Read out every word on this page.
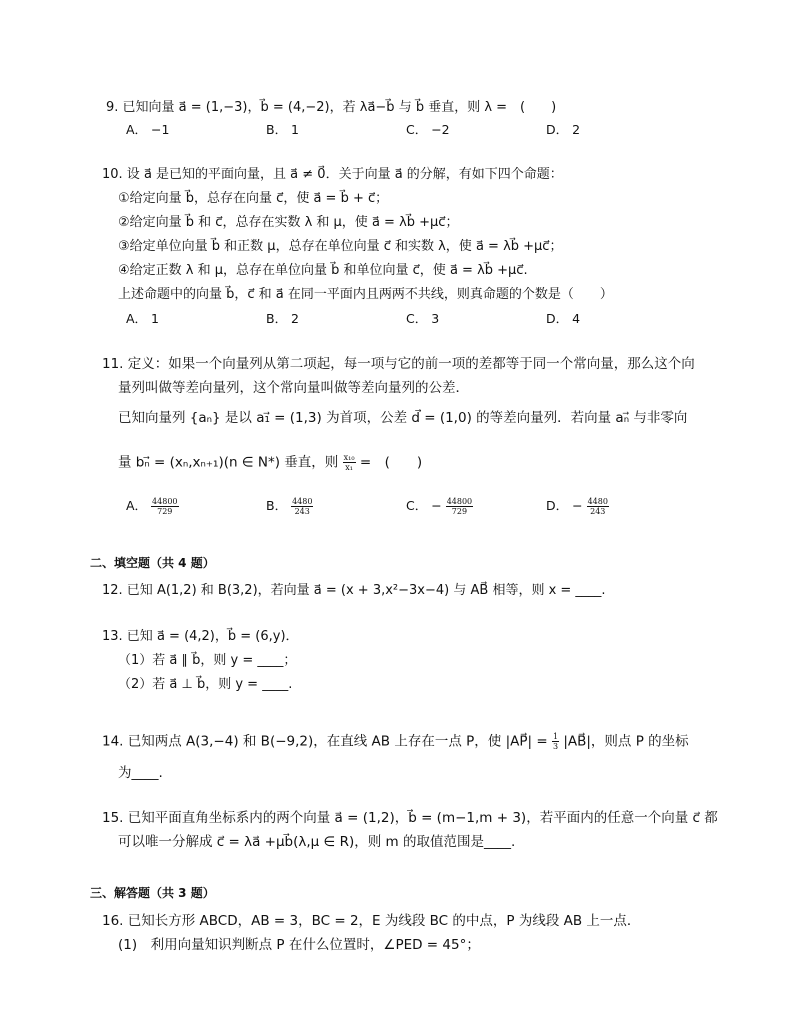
9. 已知向量 a⃗ = (1,−3)，b⃗ = (4,−2)，若 λa⃗−b⃗ 与 b⃗ 垂直，则 λ =　(　　)
A． −1	B． 1	C． −2	D． 2
10. 设 a⃗ 是已知的平面向量，且 a⃗ ≠ 0⃗．关于向量 a⃗ 的分解，有如下四个命题：
①给定向量 b⃗，总存在向量 c⃗，使 a⃗ = b⃗ + c⃗；
②给定向量 b⃗ 和 c⃗，总存在实数 λ 和 μ，使 a⃗ = λb⃗ +μc⃗；
③给定单位向量 b⃗ 和正数 μ，总存在单位向量 c⃗ 和实数 λ，使 a⃗ = λb⃗ +μc⃗；
④给定正数 λ 和 μ，总存在单位向量 b⃗ 和单位向量 c⃗，使 a⃗ = λb⃗ +μc⃗.
上述命题中的向量 b⃗，c⃗ 和 a⃗ 在同一平面内且两两不共线，则真命题的个数是（　　）
A． 1	B． 2	C． 3	D． 4
11. 定义：如果一个向量列从第二项起，每一项与它的前一项的差都等于同一个常向量，那么这个向
量列叫做等差向量列，这个常向量叫做等差向量列的公差．
已知向量列 {aₙ} 是以 a₁⃗ = (1,3) 为首项，公差 d⃗ = (1,0) 的等差向量列．若向量 aₙ⃗ 与非零向
量 bₙ⃗ = (xₙ,xₙ₊₁)(n ∈ N*) 垂直，则 $\frac{\text{x₁₀}}{\text{x₁}}$ =　(　　)
A． $\frac{44800}{729}$	B． $\frac{4480}{243}$	C． − $\frac{44800}{729}$	D． − $\frac{4480}{243}$
二、填空题（共 4 题）
12. 已知 A(1,2) 和 B(3,2)，若向量 a⃗ = (x + 3,x²−3x−4) 与 AB⃗ 相等，则 x = ____.
13. 已知 a⃗ = (4,2)，b⃗ = (6,y)．
（1）若 a⃗ ∥ b⃗，则 y = ____；
（2）若 a⃗ ⊥ b⃗，则 y = ____.
14. 已知两点 A(3,−4) 和 B(−9,2)，在直线 AB 上存在一点 P，使 |AP⃗| = $\frac{1}{3}$ |AB⃗|，则点 P 的坐标
为____.
15. 已知平面直角坐标系内的两个向量 a⃗ = (1,2)，b⃗ = (m−1,m + 3)，若平面内的任意一个向量 c⃗ 都
可以唯一分解成 c⃗ = λa⃗ +μb⃗(λ,μ ∈ R)，则 m 的取值范围是____.
三、解答题（共 3 题）
16. 已知长方形 ABCD，AB = 3，BC = 2，E 为线段 BC 的中点，P 为线段 AB 上一点．
(1)　利用向量知识判断点 P 在什么位置时，∠PED = 45°；
